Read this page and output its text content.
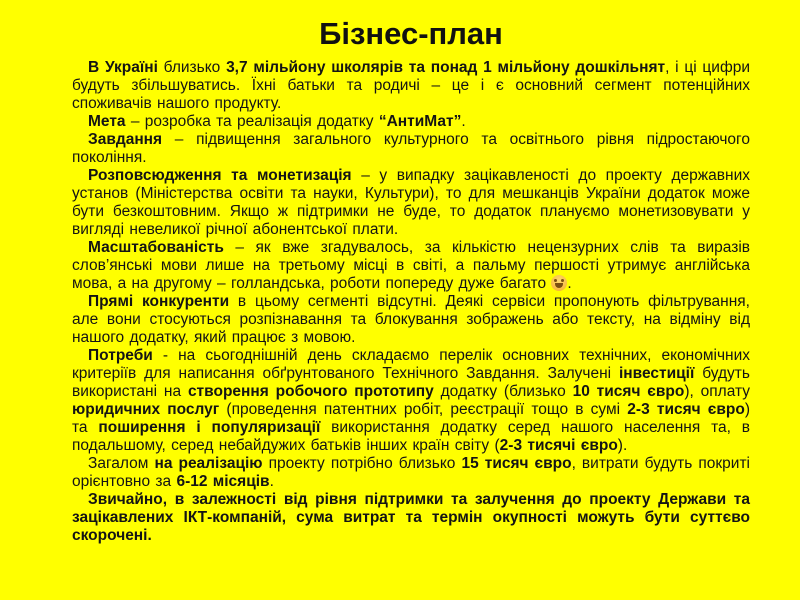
Бізнес-план

В Україні близько 3,7 мільйону школярів та понад 1 мільйону дошкільнят, і ці цифри будуть збільшуватись. Їхні батьки та родичі – це і є основний сегмент потенційних споживачів нашого продукту.

Мета – розробка та реалізація додатку “АнтиМат”.

Завдання – підвищення загального культурного та освітнього рівня підростаючого покоління.

Розповсюдження та монетизація – у випадку зацікавленості до проекту державних установ (Міністерства освіти та науки, Культури), то для мешканців України додаток може бути безкоштовним. Якщо ж підтримки не буде, то додаток плануємо монетизовувати у вигляді невеликої річної абонентської плати.

Масштабованість – як вже згадувалось, за кількістю нецензурних слів та виразів слов’янські мови лише на третьому місці в світі, а пальму першості утримує англійська мова, а на другому – голландська, роботи попереду дуже багато .

Прямі конкуренти в цьому сегменті відсутні. Деякі сервіси пропонують фільтрування, але вони стосуються розпізнавання та блокування зображень або тексту, на відміну від нашого додатку, який працює з мовою.

Потреби - на сьогоднішній день складаємо перелік основних технічних, економічних критеріїв для написання обґрунтованого Технічного Завдання. Залучені інвестиції будуть використані на створення робочого прототипу додатку (близько 10 тисяч євро), оплату юридичних послуг (проведення патентних робіт, реєстрації тощо в сумі 2-3 тисяч євро) та поширення і популяризації використання додатку серед нашого населення та, в подальшому, серед небайдужих батьків інших країн світу (2-3 тисячі євро).

Загалом на реалізацію проекту потрібно близько 15 тисяч євро, витрати будуть покриті орієнтовно за 6-12 місяців.

Звичайно, в залежності від рівня підтримки та залучення до проекту Держави та зацікавлених ІКТ-компаній, сума витрат та термін окупності можуть бути суттєво скорочені.
